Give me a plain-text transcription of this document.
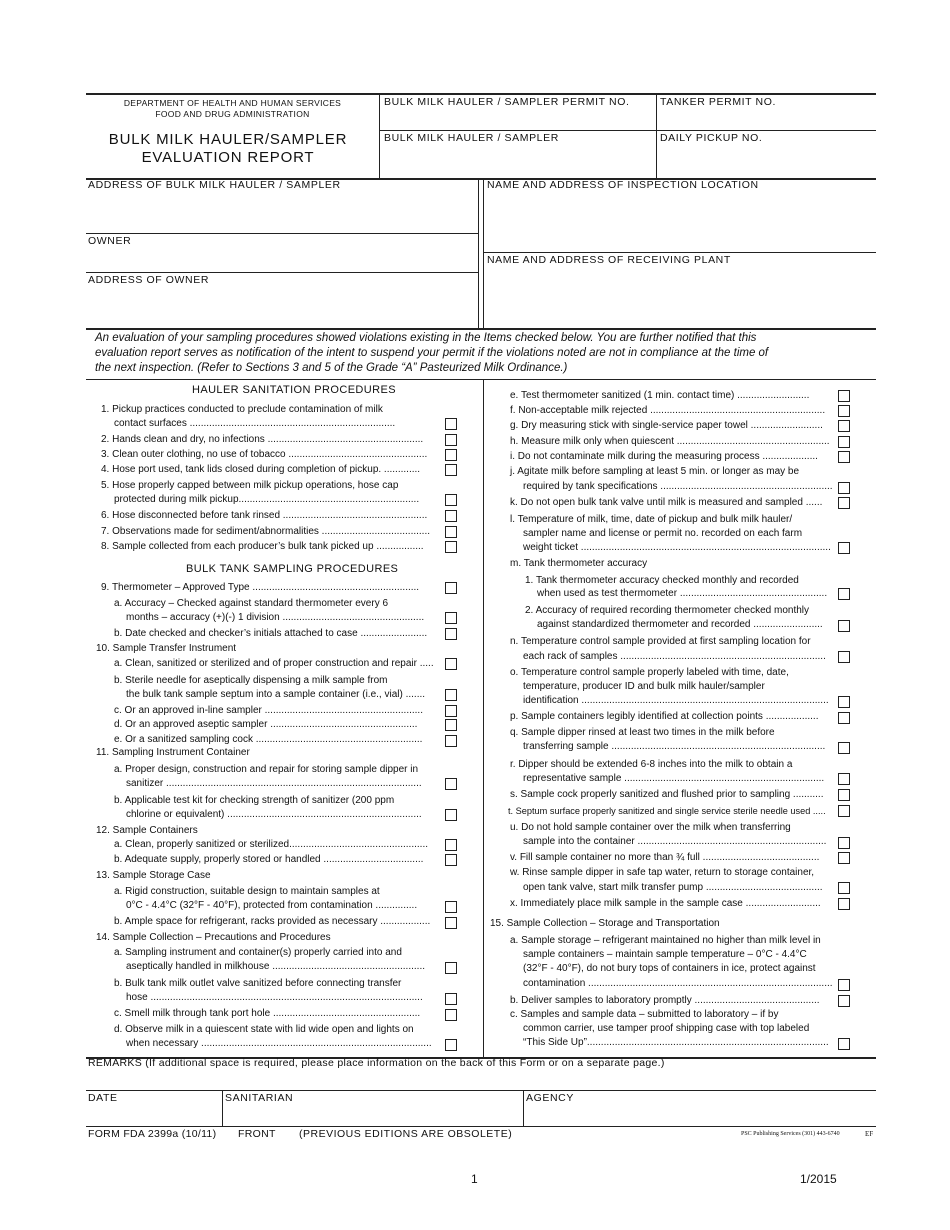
DEPARTMENT OF HEALTH AND HUMAN SERVICES
FOOD AND DRUG ADMINISTRATION
BULK MILK HAULER/SAMPLER
EVALUATION REPORT
BULK MILK HAULER / SAMPLER PERMIT NO.	TANKER PERMIT NO.
BULK MILK HAULER / SAMPLER	DAILY PICKUP NO.
ADDRESS OF BULK MILK HAULER / SAMPLER
OWNER
ADDRESS OF OWNER
NAME AND ADDRESS OF INSPECTION LOCATION
NAME AND ADDRESS OF RECEIVING PLANT
An evaluation of your sampling procedures showed violations existing in the Items checked below. You are further notified that this
evaluation report serves as notification of the intent to suspend your permit if the violations noted are not in compliance at the time of
the next inspection. (Refer to Sections 3 and 5 of the Grade “A” Pasteurized Milk Ordinance.)
HAULER SANITATION PROCEDURES
BULK TANK SAMPLING PROCEDURES
1. Pickup practices conducted to preclude contamination of milk
contact surfaces ..........................................................................
2. Hands clean and dry, no infections ........................................................
3. Clean outer clothing, no use of tobacco ..................................................
4. Hose port used, tank lids closed during completion of pickup. .............
5. Hose properly capped between milk pickup operations, hose cap
protected during milk pickup.................................................................
6. Hose disconnected before tank rinsed ....................................................
7. Observations made for sediment/abnormalities .......................................
8. Sample collected from each producer’s bulk tank picked up .................
9. Thermometer – Approved Type ............................................................
a. Accuracy – Checked against standard thermometer every 6
months – accuracy (+)(-) 1 division ...................................................
b. Date checked and checker’s initials attached to case ........................
10. Sample Transfer Instrument
a. Clean, sanitized or sterilized and of proper construction and repair .....
b. Sterile needle for aseptically dispensing a milk sample from
the bulk tank sample septum into a sample container (i.e., vial) .......
c. Or an approved in-line sampler .........................................................
d. Or an approved aseptic sampler .....................................................
e. Or a sanitized sampling cock ............................................................
11. Sampling Instrument Container
a. Proper design, construction and repair for storing sample dipper in
sanitizer ............................................................................................
b. Applicable test kit for checking strength of sanitizer (200 ppm
chlorine or equivalent) ......................................................................
12. Sample Containers
a. Clean, properly sanitized or sterilized..................................................
b. Adequate supply, properly stored or handled ....................................
13. Sample Storage Case
a. Rigid construction, suitable design to maintain samples at
0°C - 4.4°C (32°F - 40°F), protected from contamination ...............
b. Ample space for refrigerant, racks provided as necessary ..................
14. Sample Collection – Precautions and Procedures
a. Sampling instrument and container(s) properly carried into and
aseptically handled in milkhouse .......................................................
b. Bulk tank milk outlet valve sanitized before connecting transfer
hose ..................................................................................................
c. Smell milk through tank port hole .....................................................
d. Observe milk in a quiescent state with lid wide open and lights on
when necessary ...................................................................................
e. Test thermometer sanitized (1 min. contact time) ..........................
f. Non-acceptable milk rejected ...............................................................
g. Dry measuring stick with single-service paper towel ..........................
h. Measure milk only when quiescent .......................................................
i. Do not contaminate milk during the measuring process ....................
j. Agitate milk before sampling at least 5 min. or longer as may be
required by tank specifications ..............................................................
k. Do not open bulk tank valve until milk is measured and sampled ......
l. Temperature of milk, time, date of pickup and bulk milk hauler/
sampler name and license or permit no. recorded on each farm
weight ticket ..........................................................................................
m. Tank thermometer accuracy
1. Tank thermometer accuracy checked monthly and recorded
when used as test thermometer .....................................................
2. Accuracy of required recording thermometer checked monthly
against standardized thermometer and recorded .........................
n. Temperature control sample provided at first sampling location for
each rack of samples ..........................................................................
o. Temperature control sample properly labeled with time, date,
temperature, producer ID and bulk milk hauler/sampler
identification .........................................................................................
p. Sample containers legibly identified at collection points ...................
q. Sample dipper rinsed at least two times in the milk before
transferring sample .............................................................................
r. Dipper should be extended 6-8 inches into the milk to obtain a
representative sample ........................................................................
s. Sample cock properly sanitized and flushed prior to sampling ...........
t. Septum surface properly sanitized and single service sterile needle used .....
u. Do not hold sample container over the milk when transferring
sample into the container ....................................................................
v. Fill sample container no more than ¾ full ..........................................
w. Rinse sample dipper in safe tap water, return to storage container,
open tank valve, start milk transfer pump ..........................................
x. Immediately place milk sample in the sample case ...........................
15. Sample Collection – Storage and Transportation
a. Sample storage – refrigerant maintained no higher than milk level in
sample containers – maintain sample temperature – 0°C - 4.4°C
(32°F - 40°F), do not bury tops of containers in ice, protect against
contamination ........................................................................................
b. Deliver samples to laboratory promptly .............................................
c. Samples and sample data – submitted to laboratory – if by
common carrier, use tamper proof shipping case with top labeled
“This Side Up”.......................................................................................
REMARKS (If additional space is required, please place information on the back of this Form or on a separate page.)
DATE	SANITARIAN	AGENCY
FORM FDA 2399a (10/11) FRONT (PREVIOUS EDITIONS ARE OBSOLETE)	PSC Publishing Services (301) 443-6740	EF
1	1/2015
